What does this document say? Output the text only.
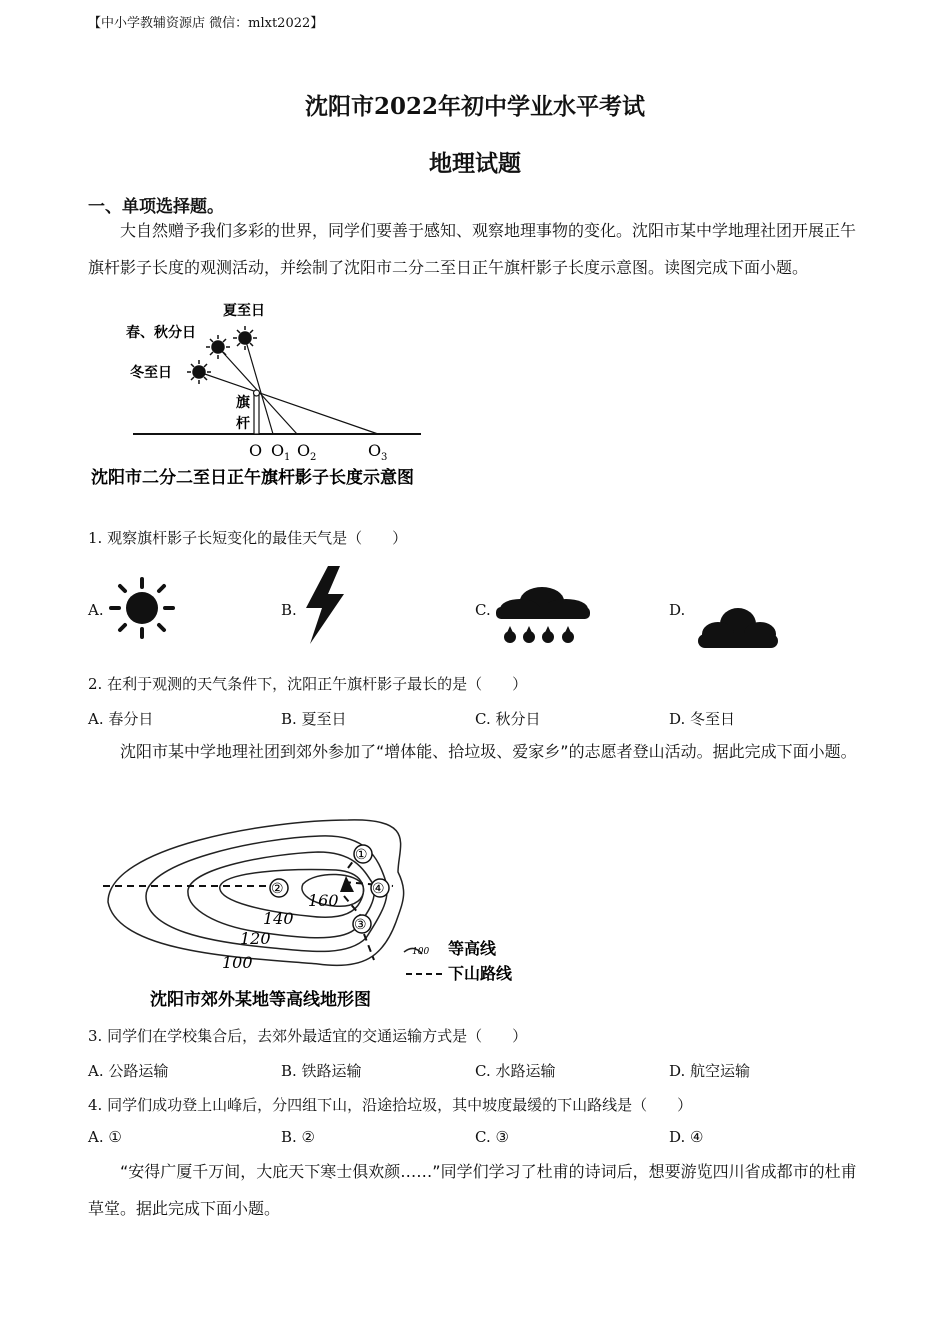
【中小学教辅资源店 微信：mlxt2022】
沈阳市2022年初中学业水平考试
地理试题
一、单项选择题。
大自然赠予我们多彩的世界，同学们要善于感知、观察地理事物的变化。沈阳市某中学地理社团开展正午旗杆影子长度的观测活动，并绘制了沈阳市二分二至日正午旗杆影子长度示意图。读图完成下面小题。
夏至日
春、秋分日
冬至日
旗
杆
O O 1 O 2	O 3
沈阳市二分二至日正午旗杆影子长度示意图
1. 观察旗杆影子长短变化的最佳天气是（　　）
A.	B.	C.	D.
2. 在利于观测的天气条件下，沈阳正午旗杆影子最长的是（　　）
A. 春分日	B. 夏至日	C. 秋分日	D. 冬至日
沈阳市某中学地理社团到郊外参加了“增体能、拾垃圾、爱家乡”的志愿者登山活动。据此完成下面小题。
①
②
③
④
160
140
120
100
100 等高线
下山路线
沈阳市郊外某地等高线地形图
3. 同学们在学校集合后，去郊外最适宜的交通运输方式是（　　）
A. 公路运输	B. 铁路运输	C. 水路运输	D. 航空运输
4. 同学们成功登上山峰后，分四组下山，沿途拾垃圾，其中坡度最缓的下山路线是（　　）
A. ①	B. ②	C. ③	D. ④
“安得广厦千万间，大庇天下寒士俱欢颜……”同学们学习了杜甫的诗词后，想要游览四川省成都市的杜甫草堂。据此完成下面小题。
